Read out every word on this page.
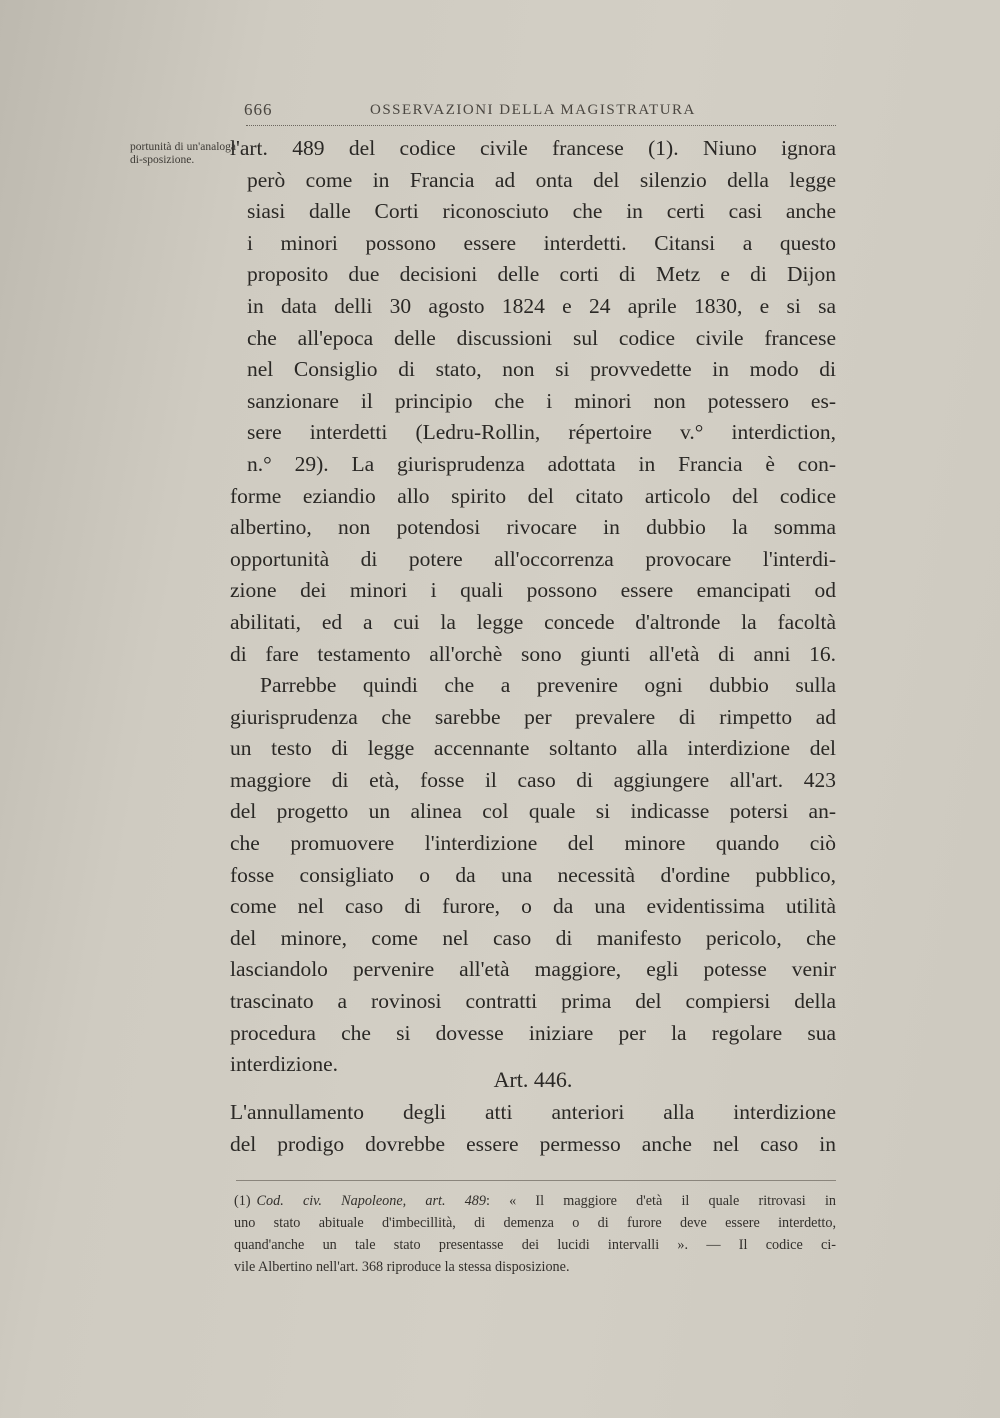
666	OSSERVAZIONI DELLA MAGISTRATURA
portunità di un'analoga di-sposizione.	l'art. 489 del codice civile francese (1). Niuno ignora
però come in Francia ad onta del silenzio della legge
siasi dalle Corti riconosciuto che in certi casi anche
i minori possono essere interdetti. Citansi a questo
proposito due decisioni delle corti di Metz e di Dijon
in data delli 30 agosto 1824 e 24 aprile 1830, e si sa
che all'epoca delle discussioni sul codice civile francese
nel Consiglio di stato, non si provvedette in modo di
sanzionare il principio che i minori non potessero es-
sere interdetti (Ledru-Rollin, répertoire v.° interdiction,
n.° 29). La giurisprudenza adottata in Francia è con-
forme eziandio allo spirito del citato articolo del codice
albertino, non potendosi rivocare in dubbio la somma
opportunità di potere all'occorrenza provocare l'interdi-
zione dei minori i quali possono essere emancipati od
abilitati, ed a cui la legge concede d'altronde la facoltà
di fare testamento all'orchè sono giunti all'età di anni 16.
Parrebbe quindi che a prevenire ogni dubbio sulla
giurisprudenza che sarebbe per prevalere di rimpetto ad
un testo di legge accennante soltanto alla interdizione del
maggiore di età, fosse il caso di aggiungere all'art. 423
del progetto un alinea col quale si indicasse potersi an-
che promuovere l'interdizione del minore quando ciò
fosse consigliato o da una necessità d'ordine pubblico,
come nel caso di furore, o da una evidentissima utilità
del minore, come nel caso di manifesto pericolo, che
lasciandolo pervenire all'età maggiore, egli potesse venir
trascinato a rovinosi contratti prima del compiersi della
procedura che si dovesse iniziare per la regolare sua
interdizione.
Art. 446.
L'annullamento degli atti anteriori alla interdizione
del prodigo dovrebbe essere permesso anche nel caso in
(1) Cod. civ. Napoleone, art. 489: « Il maggiore d'età il quale ritrovasi in
uno stato abituale d'imbecillità, di demenza o di furore deve essere interdetto,
quand'anche un tale stato presentasse dei lucidi intervalli ». — Il codice ci-
vile Albertino nell'art. 368 riproduce la stessa disposizione.
